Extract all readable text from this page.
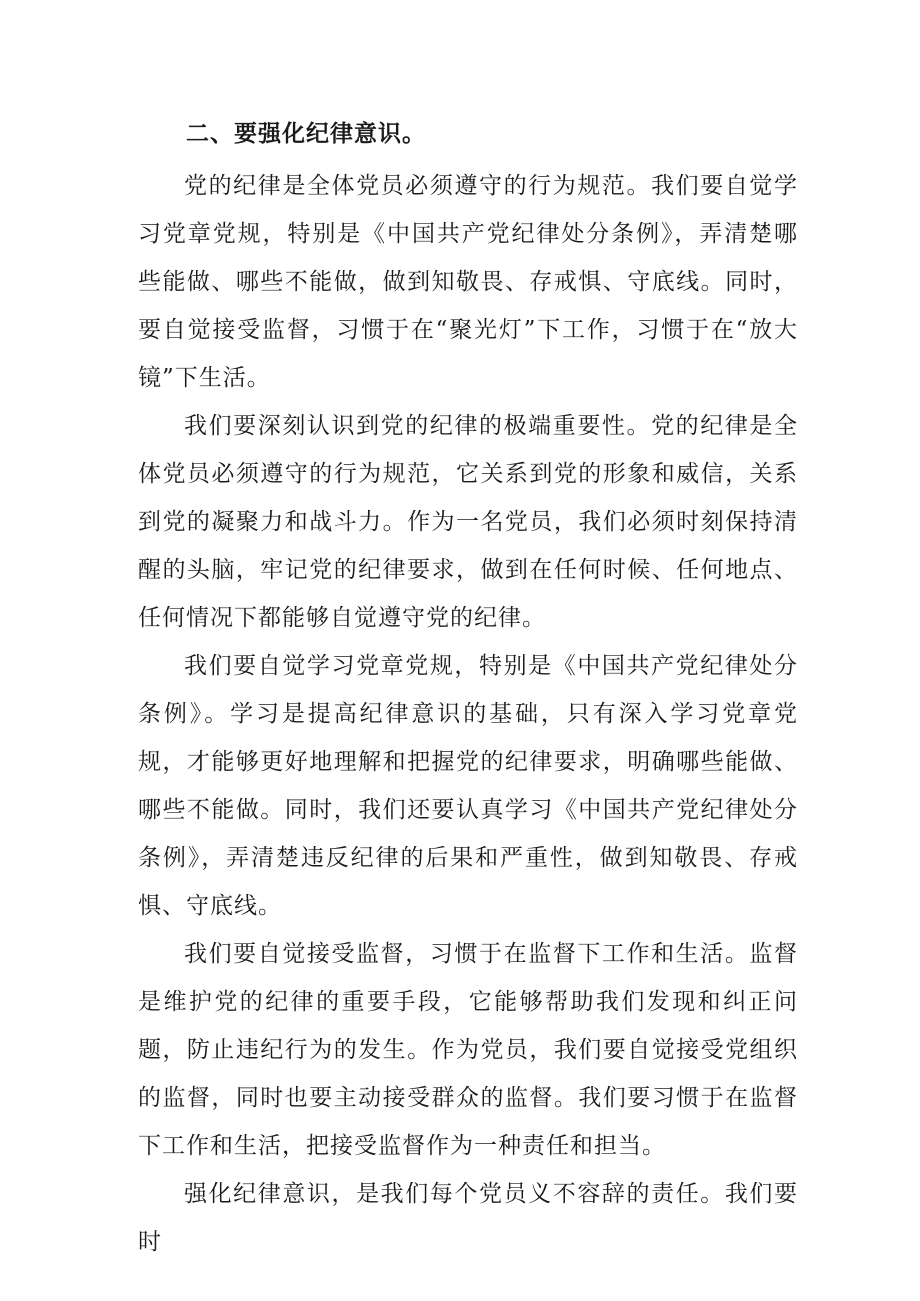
二、要强化纪律意识。

党的纪律是全体党员必须遵守的行为规范。我们要自觉学习党章党规，特别是《中国共产党纪律处分条例》，弄清楚哪些能做、哪些不能做，做到知敬畏、存戒惧、守底线。同时，要自觉接受监督，习惯于在“聚光灯”下工作，习惯于在“放大镜”下生活。

我们要深刻认识到党的纪律的极端重要性。党的纪律是全体党员必须遵守的行为规范，它关系到党的形象和威信，关系到党的凝聚力和战斗力。作为一名党员，我们必须时刻保持清醒的头脑，牢记党的纪律要求，做到在任何时候、任何地点、任何情况下都能够自觉遵守党的纪律。

我们要自觉学习党章党规，特别是《中国共产党纪律处分条例》。学习是提高纪律意识的基础，只有深入学习党章党规，才能够更好地理解和把握党的纪律要求，明确哪些能做、哪些不能做。同时，我们还要认真学习《中国共产党纪律处分条例》，弄清楚违反纪律的后果和严重性，做到知敬畏、存戒惧、守底线。

我们要自觉接受监督，习惯于在监督下工作和生活。监督是维护党的纪律的重要手段，它能够帮助我们发现和纠正问题，防止违纪行为的发生。作为党员，我们要自觉接受党组织的监督，同时也要主动接受群众的监督。我们要习惯于在监督下工作和生活，把接受监督作为一种责任和担当。

强化纪律意识，是我们每个党员义不容辞的责任。我们要时
